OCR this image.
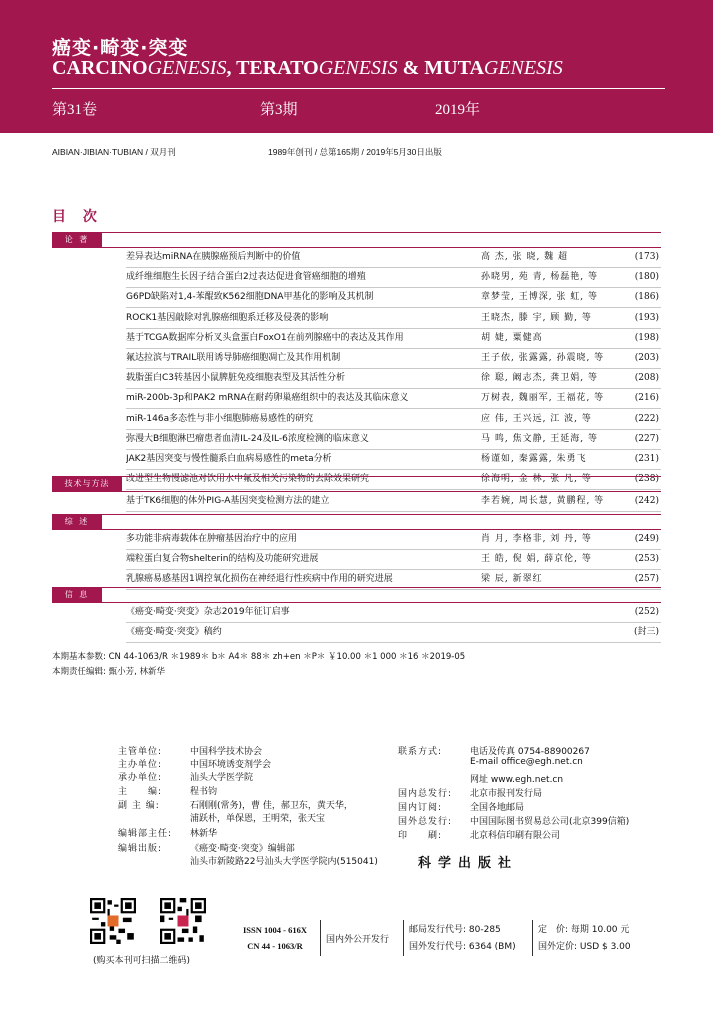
癌变·畸变·突变
CARCINOGENESIS, TERATOGENESIS & MUTAGENESIS
第31卷	第3期	2019年
AIBIAN·JIBIAN·TUBIAN / 双月刊	1989年创刊 / 总第165期 / 2019年5月30日出版
目 次
论 著
差异表达miRNA在胰腺癌预后判断中的价值	高 杰, 张 晓, 魏 超	(173)
成纤维细胞生长因子结合蛋白2过表达促进食管癌细胞的增殖	孙晓男, 苑 青, 杨磊艳, 等	(180)
G6PD缺陷对1,4-苯醌致K562细胞DNA甲基化的影响及其机制	章梦莹, 王博深, 张 虹, 等	(186)
ROCK1基因敲除对乳腺癌细胞系迁移及侵袭的影响	王晓杰, 滕 宇, 顾 勤, 等	(193)
基于TCGA数据库分析叉头盒蛋白FoxO1在前列腺癌中的表达及其作用	胡 婕, 粟健高	(198)
氟达拉滨与TRAIL联用诱导肺癌细胞凋亡及其作用机制	王子依, 张露露, 孙震晓, 等	(203)
载脂蛋白C3转基因小鼠脾脏免疫细胞表型及其活性分析	徐 聪, 阚志杰, 龚卫娟, 等	(208)
miR-200b-3p和PAK2 mRNA在耐药卵巢癌组织中的表达及其临床意义	万树表, 魏丽军, 王福花, 等	(216)
miR-146a多态性与非小细胞肺癌易感性的研究	应 伟, 王兴远, 江 波, 等	(222)
弥漫大B细胞淋巴瘤患者血清IL-24及IL-6浓度检测的临床意义	马 鸣, 焦文静, 王延海, 等	(227)
JAK2基因突变与慢性髓系白血病易感性的meta分析	杨谨如, 秦露露, 朱勇飞	(231)
改进型生物慢滤池对饮用水中氟及相关污染物的去除效果研究	徐海明, 金 林, 张 凡, 等	(238)
技术与方法
基于TK6细胞的体外PIG-A基因突变检测方法的建立	李若婉, 周长慧, 黄鹏程, 等	(242)
综 述
多功能非病毒载体在肿瘤基因治疗中的应用	肖 月, 李格非, 刘 丹, 等	(249)
端粒蛋白复合物shelterin的结构及功能研究进展	王 皓, 倪 娟, 薛京伦, 等	(253)
乳腺癌易感基因1调控氧化损伤在神经退行性疾病中作用的研究进展	梁 辰, 新翠红	(257)
信 息
《癌变·畸变·突变》杂志2019年征订启事	(252)
《癌变·畸变·突变》稿约	(封三)
本期基本参数: CN 44-1063/R ＊1989＊ b＊ A4＊ 88＊ zh+en ＊P＊ ￥10.00 ＊1 000 ＊16 ＊2019-05
本期责任编辑: 甄小芳, 林新华
主管单位:	中国科学技术协会
主办单位:	中国环境诱变剂学会
承办单位:	汕头大学医学院
主　　编:	程书钧
副 主 编:	石刚刚(常务)，曹 佳，郝卫东，黄天华，
浦跃朴，单保恩，王明荣，张天宝
编辑部主任:	林新华
编辑出版:	《癌变·畸变·突变》编辑部
汕头市新陵路22号汕头大学医学院内(515041)
联系方式:	电话及传真 0754-88900267
E-mail office@egh.net.cn
网址 www.egh.net.cn
国内总发行:	北京市报刊发行局
国内订阅:	全国各地邮局
国外总发行:	中国国际图书贸易总公司(北京399信箱)
印　　刷:	北京科信印刷有限公司
科学出版社
(购买本刊可扫描二维码)
ISSN 1004 - 616X
CN 44 - 1063/R
国内外公开发行
邮局发行代号: 80-285
国外发行代号: 6364 (BM)
定　价: 每期 10.00 元
国外定价: USD $ 3.00
